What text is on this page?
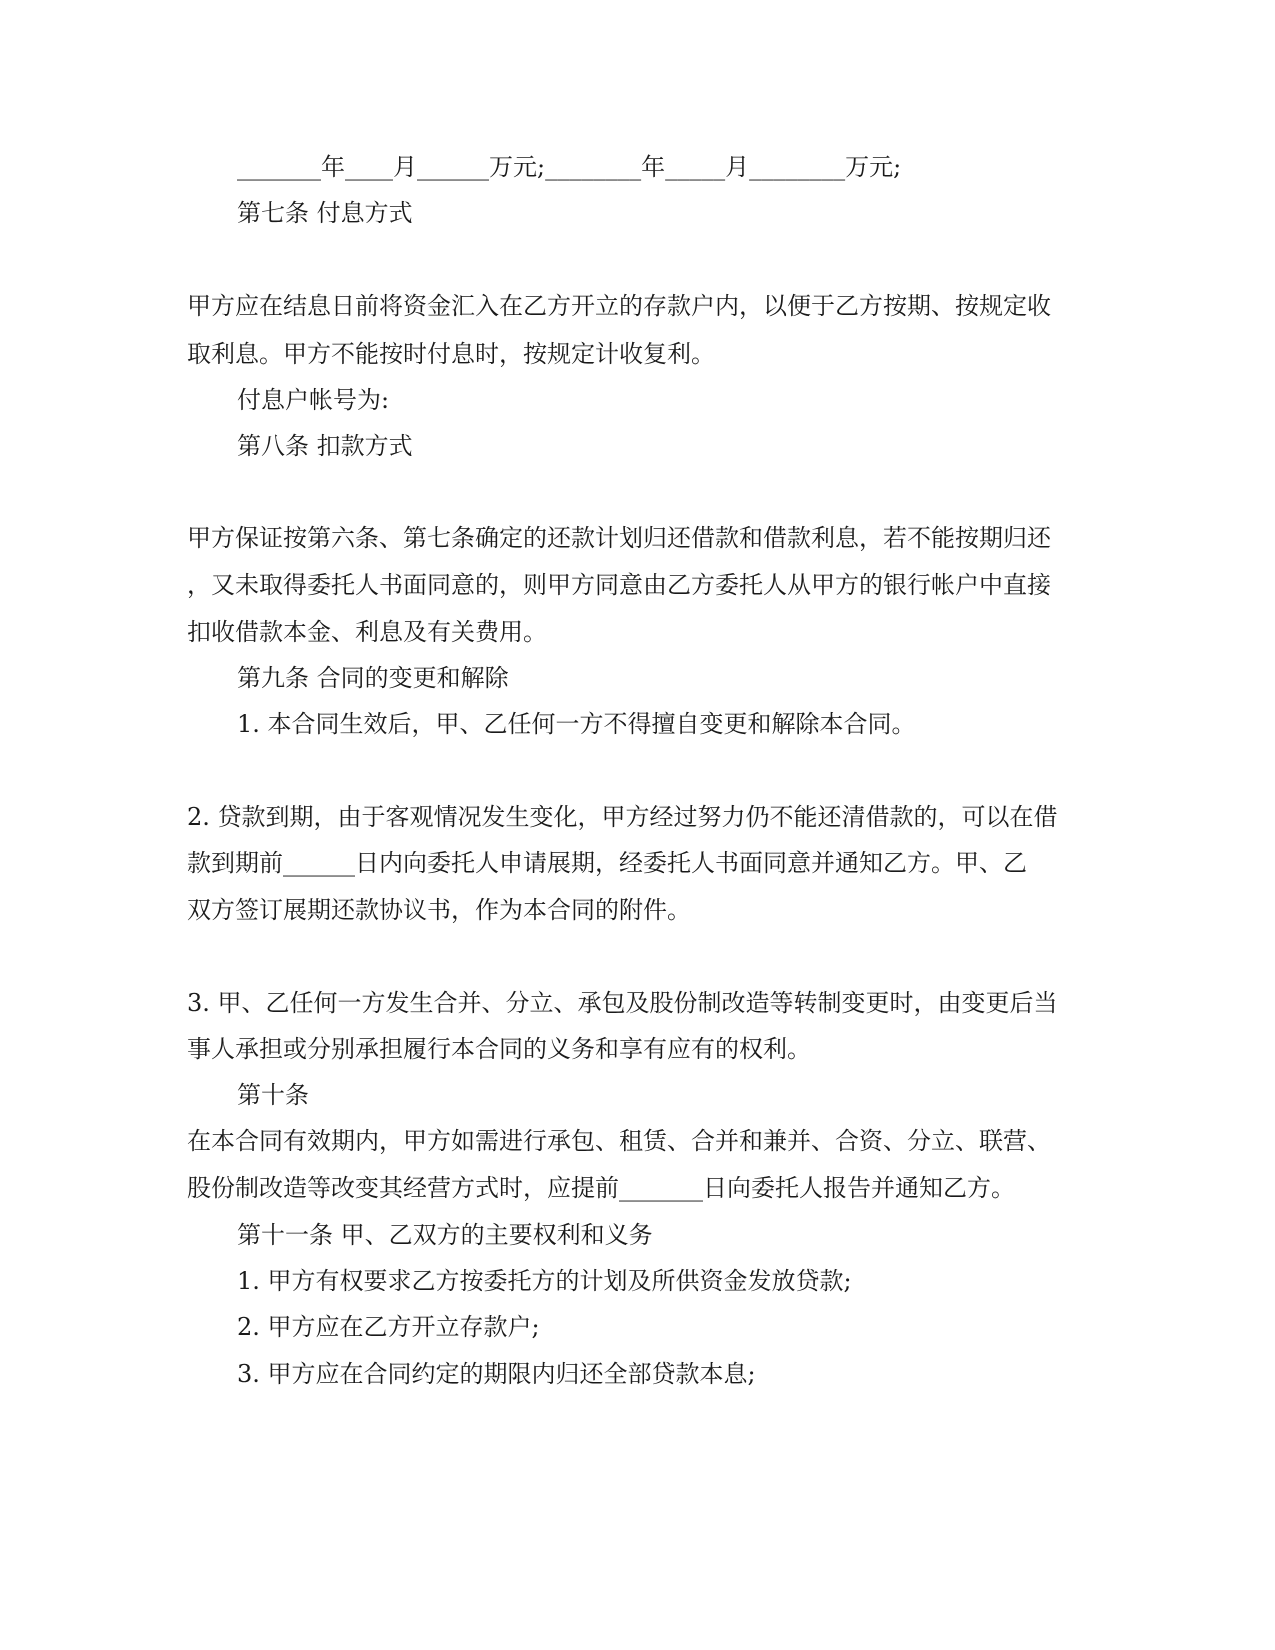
_______年____月______万元;________年_____月________万元;
第七条 付息方式
甲方应在结息日前将资金汇入在乙方开立的存款户内，以便于乙方按期、按规定收
取利息。甲方不能按时付息时，按规定计收复利。
付息户帐号为:
第八条 扣款方式
甲方保证按第六条、第七条确定的还款计划归还借款和借款利息，若不能按期归还
，又未取得委托人书面同意的，则甲方同意由乙方委托人从甲方的银行帐户中直接
扣收借款本金、利息及有关费用。
第九条 合同的变更和解除
1. 本合同生效后，甲、乙任何一方不得擅自变更和解除本合同。
2. 贷款到期，由于客观情况发生变化，甲方经过努力仍不能还清借款的，可以在借
款到期前______日内向委托人申请展期，经委托人书面同意并通知乙方。甲、乙
双方签订展期还款协议书，作为本合同的附件。
3. 甲、乙任何一方发生合并、分立、承包及股份制改造等转制变更时，由变更后当
事人承担或分别承担履行本合同的义务和享有应有的权利。
第十条
在本合同有效期内，甲方如需进行承包、租赁、合并和兼并、合资、分立、联营、
股份制改造等改变其经营方式时，应提前_______日向委托人报告并通知乙方。
第十一条 甲、乙双方的主要权利和义务
1. 甲方有权要求乙方按委托方的计划及所供资金发放贷款;
2. 甲方应在乙方开立存款户;
3. 甲方应在合同约定的期限内归还全部贷款本息;
